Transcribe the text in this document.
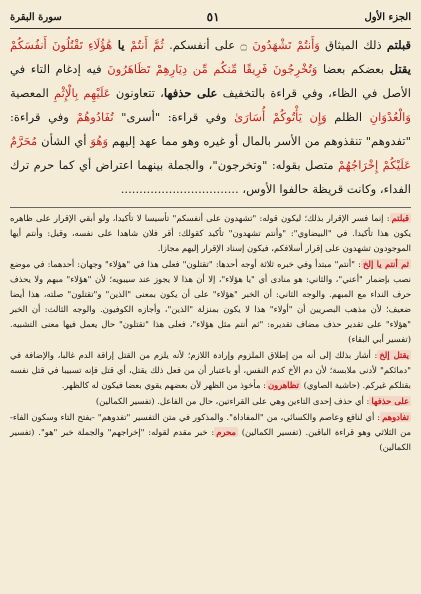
الجزء الأول
٥١
سورة البقرة

قبلتم ذلك الميثاق وَأَنتُمْ تَشْهَدُونَ ۝ على أنفسكم. ثُمَّ أَنتُمْ يا هَٰؤُلَاءِ تَقْتُلُونَ أَنفُسَكُمْ يقتل بعضكم بعضا وَتُخْرِجُونَ فَرِيقًا مِّنكُم مِّن دِيَارِهِمْ تَظَاهَرُونَ فيه إدغام التاء في الأصل في الظاء، وفي قراءة بالتخفيف على حذفها، تتعاونون عَلَيْهِم بِالْإِثْمِ المعصية وَالْعُدْوَانِ الظلم وَإِن يَأْتُوكُمْ أُسَارَىٰ وفي قراءة: "أسرى" تُفَادُوهُمْ وفي قراءة: "تفدوهم" تنقذوهم من الأسر بالمال أو غيره وهو مما عهد إليهم وَهُوَ أي الشأن مُحَرَّمٌ عَلَيْكُمْ إِخْرَاجُهُمْ متصل بقوله: "وتخرجون"، والجملة بينهما اعتراض أي كما حرم ترك الفداء، وكانت قريظة حالفوا الأوس، ................................

قبلتم: إنما فسر الإقرار بذلك؛ ليكون قوله: "تشهدون على أنفسكم" تأسيسا لا تأكيدا، ولو أبقي الإقرار على ظاهره يكون هذا تأكيدا. في "البيضاوي": "وأنتم تشهدون" تأكيد كقولك: أقر فلان شاهدا على نفسه، وقيل: وأنتم أيها الموجودون تشهدون على إقرار أسلافكم، فيكون إسناد الإقرار إليهم مجازا.

ثم أنتم يا إلخ: "أنتم" مبتدأ وفي خبره ثلاثة أوجه أحدها: "تقتلون" فعلى هذا في "هؤلاء" وجهان: أحدهما: في موضع نصب بإضمار "أعني"، والثاني: هو منادى أي "يا هؤلاء"، إلا أن هذا لا يجوز عند سيبويه؛ لأن "هؤلاء" مبهم ولا يحذف حرف النداء مع المبهم. والوجه الثاني: أن الخبر "هؤلاء" على أن يكون بمعنى "الذين" و"تقتلون" صلته، هذا أيضا ضعيف؛ لأن مذهب البصريين أن "أولاء" هذا لا يكون بمنزلة "الذين"، وأجازه الكوفيون. والوجه الثالث: أن الخبر "هؤلاء" على تقدير حذف مضاف تقديره: "ثم أنتم مثل هؤلاء"، فعلى هذا "تقتلون" حال يعمل فيها معنى التشبيه. (تفسير أبي البقاء)

يقتل إلخ: أشار بذلك إلى أنه من إطلاق الملزوم وإرادة اللازم؛ لأنه يلزم من القتل إراقة الدم غالبا، والإضافة في "دمائكم" لأدنى ملابسة؛ لأن دم الأخ كدم النفس، أو باعتبار أن من فعل ذلك يقتل، أي قتل فإنه تسبيبا في قتل نفسه بقتلكم غيركم. (حاشية الصاوي) تظاهرون: مأخوذ من الظهر لأن بعضهم يقوي بعضا فيكون له كالظهر.

على حذفها: أي حذف إحدى التاءين وهي على القراءتين، حال من الفاعل. (تفسير الكمالين)

تفادوهم: أي لنافع وعاصم والكسائي، من "المفاداة". والمذكور في متن التفسير "تفدوهم" -بفتح التاء وسكون الفاء- من الثلاثي وهو قراءة الباقين. (تفسير الكمالين) محرم: خبر مقدم لقوله: "إخراجهم" والجملة خبر "هو". (تفسير الكمالين)
